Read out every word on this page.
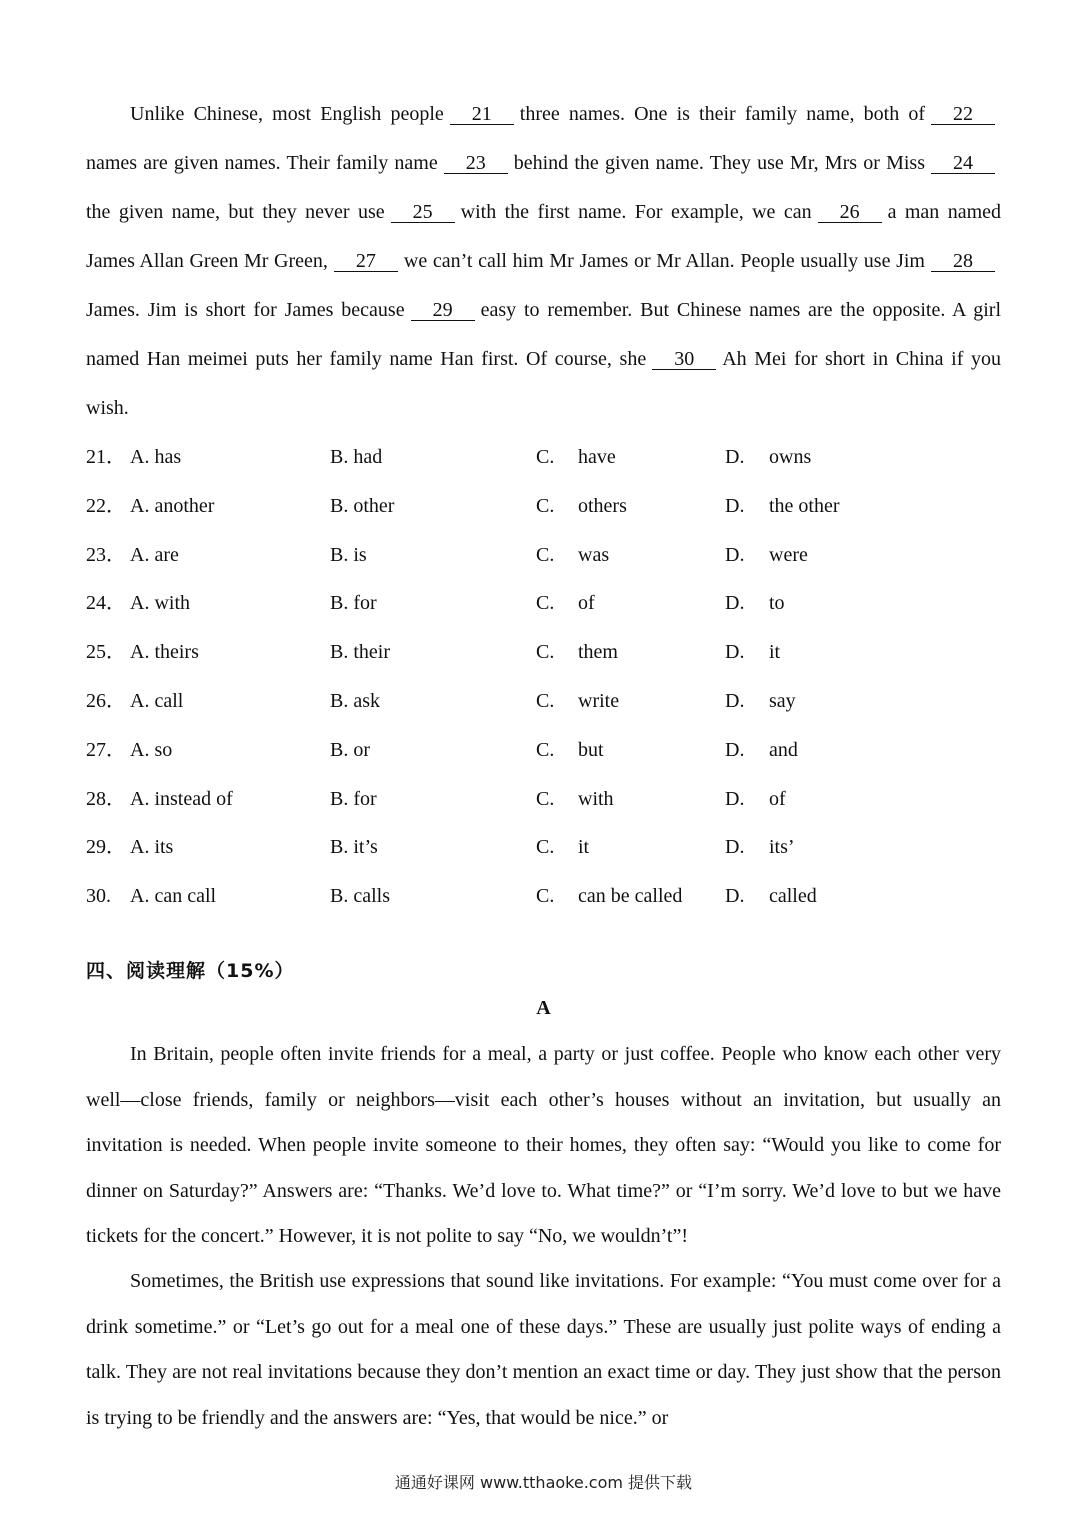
Unlike Chinese, most English people 21 three names. One is their family name, both of 22names are given names. Their family name 23 behind the given name. They use Mr, Mrs or Miss 24the given name, but they never use 25 with the first name. For example, we can 26 a man named James Allan Green Mr Green, 27 we can’t call him Mr James or Mr Allan. People usually use Jim 28James. Jim is short for James because 29 easy to remember. But Chinese names are the opposite. A girl named Han meimei puts her family name Han first. Of course, she 30 Ah Mei for short in China if you wish.

21． A. has	B. had	C. have	D. owns
22． A. another	B. other	C. others	D. the other
23． A. are	B. is	C. was	D. were
24． A. with	B. for	C. of	D. to
25． A. theirs	B. their	C. them	D. it
26． A. call	B. ask	C. write	D. say
27． A. so	B. or	C. but	D. and
28． A. instead of	B. for	C. with	D. of
29． A. its	B. it’s	C. it	D. its’
30. A. can call	B. calls	C. can be called D. called
四、阅读理解（15%）
A

In Britain, people often invite friends for a meal, a party or just coffee. People who know each other very well—close friends, family or neighbors—visit each other’s houses without an invitation, but usually an invitation is needed. When people invite someone to their homes, they often say: “Would you like to come for dinner on Saturday?” Answers are: “Thanks. We’d love to. What time?” or “I’m sorry. We’d love to but we have tickets for the concert.” However, it is not polite to say “No, we wouldn’t”!

Sometimes, the British use expressions that sound like invitations. For example: “You must come over for a drink sometime.” or “Let’s go out for a meal one of these days.” These are usually just polite ways of ending a talk. They are not real invitations because they don’t mention an exact time or day. They just show that the person is trying to be friendly and the answers are: “Yes, that would be nice.” or

通通好课网 www.tthaoke.com 提供下载
